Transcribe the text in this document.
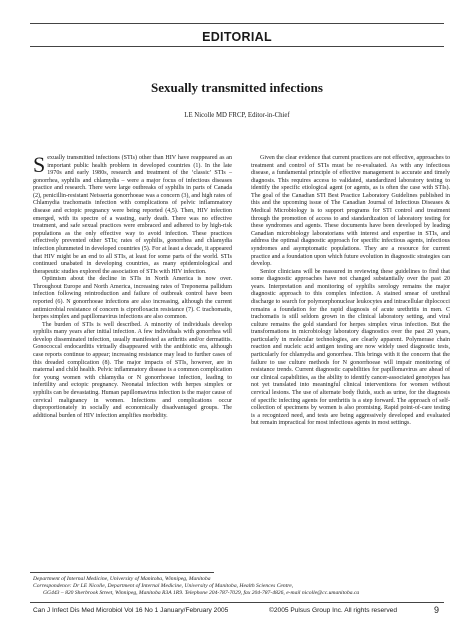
EDITORIAL
Sexually transmitted infections
LE Nicolle MD FRCP, Editor-in-Chief

Sexually transmitted infections (STIs) other than HIV have reappeared as an important public health problem in developed countries (1). In the late 1970s and early 1980s, research and treatment of the ‘classic’ STIs – gonorrhea, syphilis and chlamydia – were a major focus of infectious diseases practice and research. There were large outbreaks of syphilis in parts of Canada (2), penicillin-resistant Neisseria gonorrhoeae was a concern (3), and high rates of Chlamydia trachomatis infection with complications of pelvic inflammatory disease and ectopic pregnancy were being reported (4,5). Then, HIV infection emerged, with its spectre of a wasting, early death. There was no effective treatment, and safe sexual practices were embraced and adhered to by high-risk populations as the only effective way to avoid infection. These practices effectively prevented other STIs; rates of syphilis, gonorrhea and chlamydia infection plummeted in developed countries (5). For at least a decade, it appeared that HIV might be an end to all STIs, at least for some parts of the world. STIs continued unabated in developing countries, as many epidemiological and therapeutic studies explored the association of STIs with HIV infection.

Optimism about the decline in STIs in North America is now over. Throughout Europe and North America, increasing rates of Treponema pallidum infection following reintroduction and failure of outbreak control have been reported (6). N gonorrhoeae infections are also increasing, although the current antimicrobial resistance of concern is ciprofloxacin resistance (7). C trachomatis, herpes simplex and papillomavirus infections are also common.

The burden of STIs is well described. A minority of individuals develop syphilis many years after initial infection. A few individuals with gonorrhea will develop disseminated infection, usually manifested as arthritis and/or dermatitis. Gonococcal endocarditis virtually disappeared with the antibiotic era, although case reports continue to appear; increasing resistance may lead to further cases of this dreaded complication (8). The major impacts of STIs, however, are in maternal and child health. Pelvic inflammatory disease is a common complication for young women with chlamydia or N gonorrhoeae infection, leading to infertility and ectopic pregnancy. Neonatal infection with herpes simplex or syphilis can be devastating. Human papillomavirus infection is the major cause of cervical malignancy in women. Infections and complications occur disproportionately in socially and economically disadvantaged groups. The additional burden of HIV infection amplifies morbidity.

Given the clear evidence that current practices are not effective, approaches to treatment and control of STIs must be re-evaluated. As with any infectious disease, a fundamental principle of effective management is accurate and timely diagnosis. This requires access to validated, standardized laboratory testing to identify the specific etiological agent (or agents, as is often the case with STIs). The goal of the Canadian STI Best Practice Laboratory Guidelines published in this and the upcoming issue of The Canadian Journal of Infectious Diseases & Medical Microbiology is to support programs for STI control and treatment through the promotion of access to and standardization of laboratory testing for these syndromes and agents. These documents have been developed by leading Canadian microbiology laboratorians with interest and expertise in STIs, and address the optimal diagnostic approach for specific infectious agents, infectious syndromes and asymptomatic populations. They are a resource for current practice and a foundation upon which future evolution in diagnostic strategies can develop.

Senior clinicians will be reassured in reviewing these guidelines to find that some diagnostic approaches have not changed substantially over the past 20 years. Interpretation and monitoring of syphilis serology remains the major diagnostic approach to this complex infection. A stained smear of urethral discharge to search for polymorphonuclear leukocytes and intracellular diplococci remains a foundation for the rapid diagnosis of acute urethritis in men. C trachomatis is still seldom grown in the clinical laboratory setting, and viral culture remains the gold standard for herpes simplex virus infection. But the transformations in microbiology laboratory diagnostics over the past 20 years, particularly in molecular technologies, are clearly apparent. Polymerase chain reaction and nucleic acid antigen testing are now widely used diagnostic tests, particularly for chlamydia and gonorrhea. This brings with it the concern that the failure to use culture methods for N gonorrhoeae will impair monitoring of resistance trends. Current diagnostic capabilities for papillomavirus are ahead of our clinical capabilities, as the ability to identify cancer-associated genotypes has not yet translated into meaningful clinical interventions for women without cervical lesions. The use of alternate body fluids, such as urine, for the diagnosis of specific infecting agents for urethritis is a step forward. The approach of self-collection of specimens by women is also promising. Rapid point-of-care testing is a recognized need, and tests are being aggressively developed and evaluated but remain impractical for most infectious agents in most settings.

Department of Internal Medicine, University of Manitoba, Winnipeg, Manitoba
Correspondence: Dr LE Nicolle, Department of Internal Medicine, University of Manitoba, Health Sciences Centre,
GG443 – 820 Sherbrook Street, Winnipeg, Manitoba R3A 1R9. Telephone 204-787-7029, fax 204-787-4826, e-mail nicolle@cc.umanitoba.ca
Can J Infect Dis Med Microbiol Vol 16 No 1 January/February 2005	©2005 Pulsus Group Inc. All rights reserved	9
